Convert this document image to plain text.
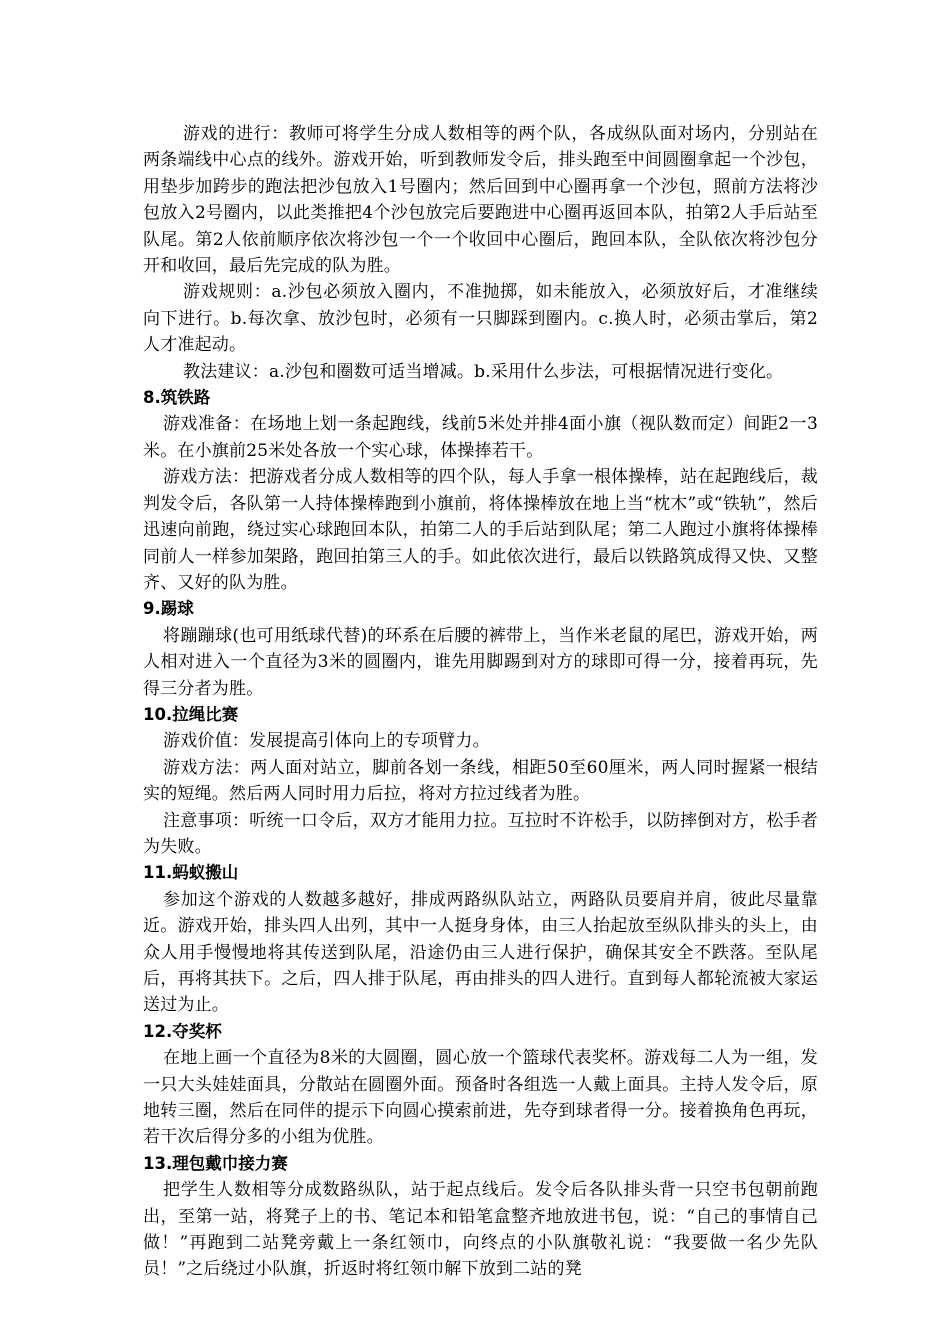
游戏的进行：教师可将学生分成人数相等的两个队，各成纵队面对场内，分别站在两条端线中心点的线外。游戏开始，听到教师发令后，排头跑至中间圆圈拿起一个沙包，用垫步加跨步的跑法把沙包放入1号圈内；然后回到中心圈再拿一个沙包，照前方法将沙包放入2号圈内，以此类推把4个沙包放完后要跑进中心圈再返回本队，拍第2人手后站至队尾。第2人依前顺序依次将沙包一个一个收回中心圈后，跑回本队，全队依次将沙包分开和收回，最后先完成的队为胜。

游戏规则：a.沙包必须放入圈内，不准抛掷，如未能放入，必须放好后，才准继续向下进行。b.每次拿、放沙包时，必须有一只脚踩到圈内。c.换人时，必须击掌后，第2人才准起动。

教法建议：a.沙包和圈数可适当增减。b.采用什么步法，可根据情况进行变化。

8.筑铁路

游戏准备：在场地上划一条起跑线，线前5米处并排4面小旗（视队数而定）间距2一3米。在小旗前25米处各放一个实心球，体操捧若干。

游戏方法：把游戏者分成人数相等的四个队，每人手拿一根体操棒，站在起跑线后，裁判发令后，各队第一人持体操棒跑到小旗前，将体操棒放在地上当“枕木”或“铁轨”，然后迅速向前跑，绕过实心球跑回本队，拍第二人的手后站到队尾；第二人跑过小旗将体操棒同前人一样参加架路，跑回拍第三人的手。如此依次进行，最后以铁路筑成得又快、又整齐、又好的队为胜。

9.踢球

将蹦蹦球(也可用纸球代替)的环系在后腰的裤带上，当作米老鼠的尾巴，游戏开始，两人相对进入一个直径为3米的圆圈内，谁先用脚踢到对方的球即可得一分，接着再玩，先得三分者为胜。

10.拉绳比赛

游戏价值：发展提高引体向上的专项臂力。

游戏方法：两人面对站立，脚前各划一条线，相距50至60厘米，两人同时握紧一根结实的短绳。然后两人同时用力后拉，将对方拉过线者为胜。

注意事项：听统一口令后，双方才能用力拉。互拉时不许松手，以防摔倒对方，松手者为失败。

11.蚂蚁搬山

参加这个游戏的人数越多越好，排成两路纵队站立，两路队员要肩并肩，彼此尽量靠近。游戏开始，排头四人出列，其中一人挺身身体，由三人抬起放至纵队排头的头上，由众人用手慢慢地将其传送到队尾，沿途仍由三人进行保护，确保其安全不跌落。至队尾后，再将其扶下。之后，四人排于队尾，再由排头的四人进行。直到每人都轮流被大家运送过为止。

12.夺奖杯

在地上画一个直径为8米的大圆圈，圆心放一个篮球代表奖杯。游戏每二人为一组，发一只大头娃娃面具，分散站在圆圈外面。预备时各组选一人戴上面具。主持人发令后，原地转三圈，然后在同伴的提示下向圆心摸索前进，先夺到球者得一分。接着换角色再玩，若干次后得分多的小组为优胜。

13.理包戴巾接力赛

把学生人数相等分成数路纵队，站于起点线后。发令后各队排头背一只空书包朝前跑出，至第一站，将凳子上的书、笔记本和铅笔盒整齐地放进书包，说：“自己的事情自己做！”再跑到二站凳旁戴上一条红领巾，向终点的小队旗敬礼说：“我要做一名少先队员！”之后绕过小队旗，折返时将红领巾解下放到二站的凳
